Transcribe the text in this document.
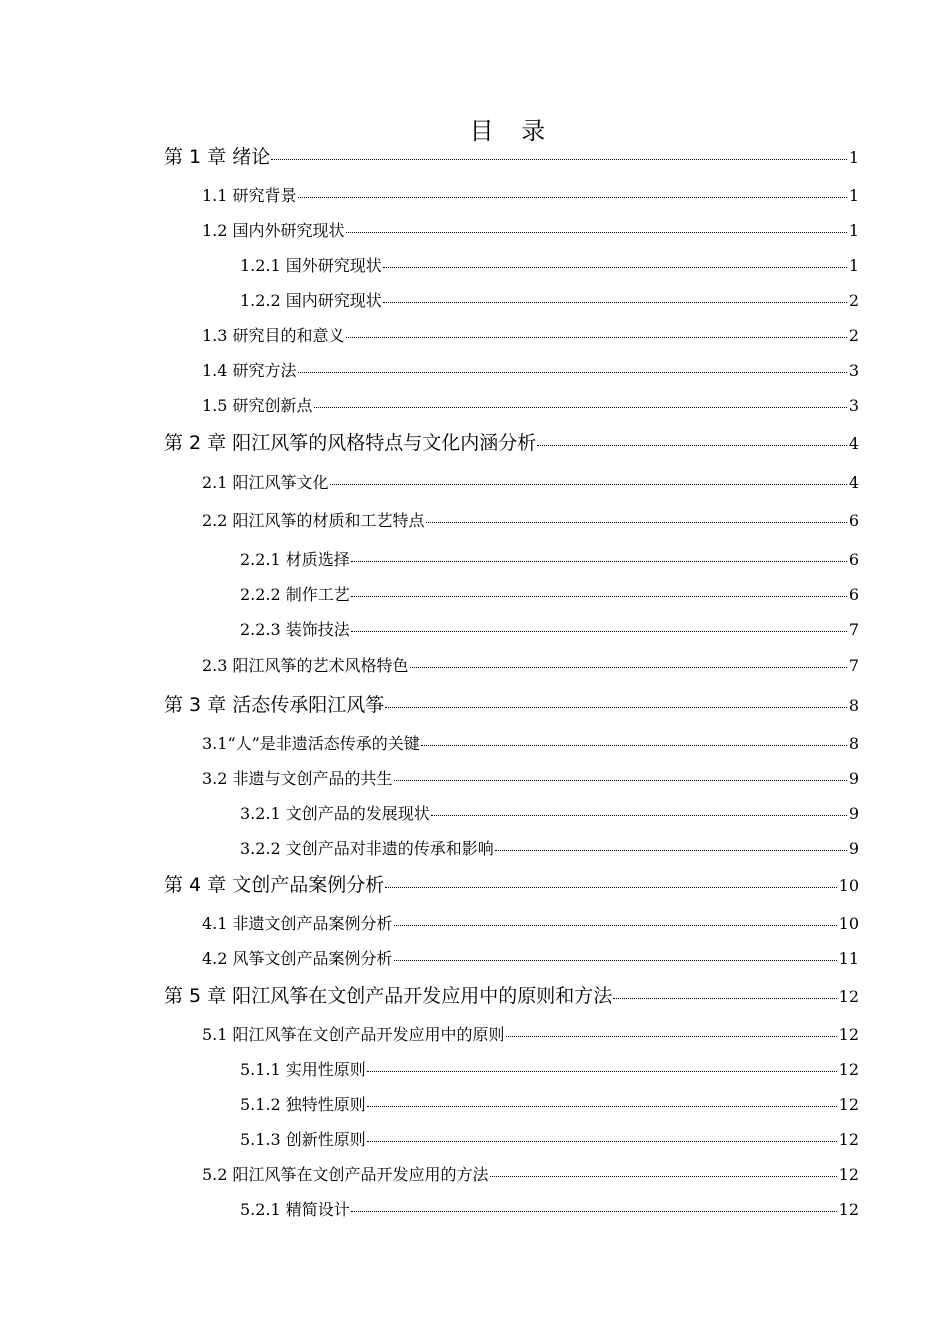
目 录
第 1 章 绪论	1
1.1 研究背景	1
1.2 国内外研究现状	1
1.2.1 国外研究现状	1
1.2.2 国内研究现状	2
1.3 研究目的和意义	2
1.4 研究方法	3
1.5 研究创新点	3
第 2 章 阳江风筝的风格特点与文化内涵分析	4
2.1 阳江风筝文化	4
2.2 阳江风筝的材质和工艺特点	6
2.2.1 材质选择	6
2.2.2 制作工艺	6
2.2.3 装饰技法	7
2.3 阳江风筝的艺术风格特色	7
第 3 章 活态传承阳江风筝	8
3.1“人”是非遗活态传承的关键	8
3.2 非遗与文创产品的共生	9
3.2.1 文创产品的发展现状	9
3.2.2 文创产品对非遗的传承和影响	9
第 4 章 文创产品案例分析	10
4.1 非遗文创产品案例分析	10
4.2 风筝文创产品案例分析	11
第 5 章 阳江风筝在文创产品开发应用中的原则和方法	12
5.1 阳江风筝在文创产品开发应用中的原则	12
5.1.1 实用性原则	12
5.1.2 独特性原则	12
5.1.3 创新性原则	12
5.2 阳江风筝在文创产品开发应用的方法	12
5.2.1 精简设计	12
